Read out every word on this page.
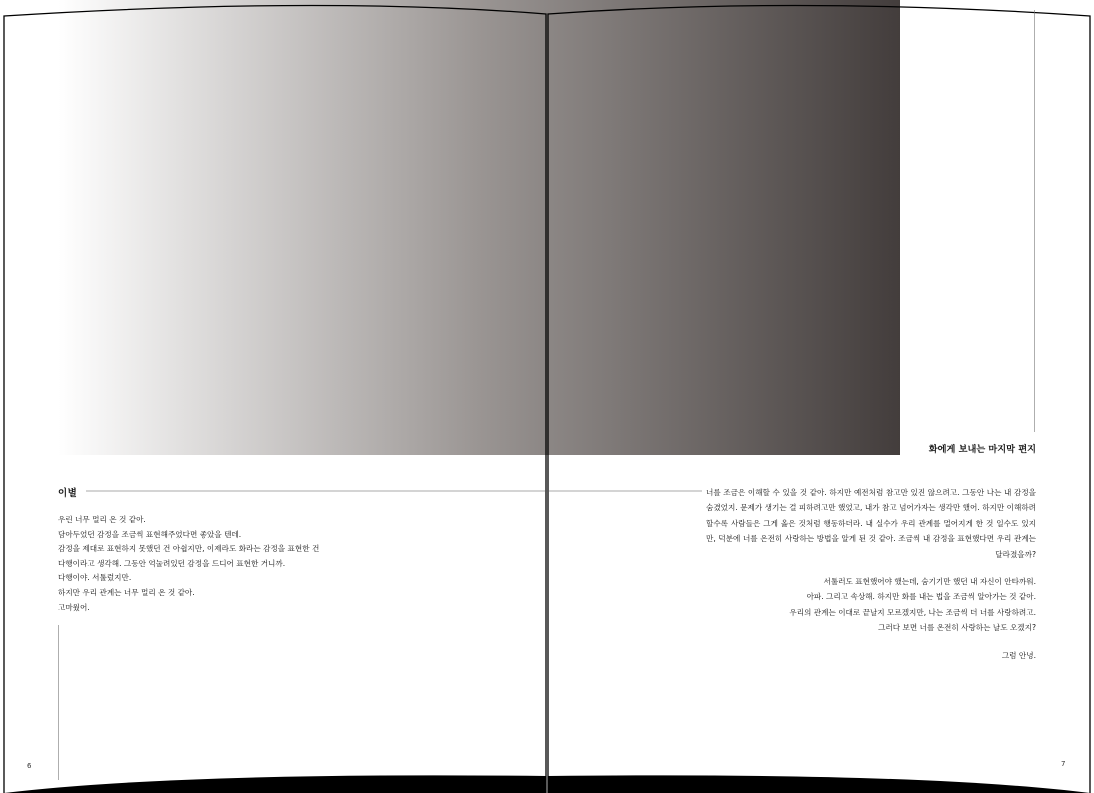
이별

우린 너무 멀리 온 것 같아.

담아두었던 감정을 조금씩 표현해주었다면 좋았을 텐데.

감정을 제대로 표현하지 못했던 건 아쉽지만, 이제라도 화라는 감정을 표현한 건

다행이라고 생각해. 그동안 억눌려있던 감정을 드디어 표현한 거니까.

다행이야. 서툴렀지만.

하지만 우리 관계는 너무 멀리 온 것 같아.

고마웠어.

6
화에게 보내는 마지막 편지

너를 조금은 이해할 수 있을 것 같아. 하지만 예전처럼 참고만 있진 않으려고. 그동안 나는 내 감정을 숨겼었지. 문제가 생기는 걸 피하려고만 했었고, 내가 참고 넘어가자는 생각만 했어. 하지만 이해하려 할수록 사람들은 그게 옳은 것처럼 행동하더라. 내 실수가 우리 관계를 멀어지게 한 것 일수도 있지만, 덕분에 너를 온전히 사랑하는 방법을 알게 된 것 같아. 조금씩 내 감정을 표현했다면 우리 관계는 달라졌을까?

서툴러도 표현했어야 했는데, 숨기기만 했던 내 자신이 안타까워.

아파. 그리고 속상해. 하지만 화를 내는 법을 조금씩 알아가는 것 같아.

우리의 관계는 이대로 끝날지 모르겠지만, 나는 조금씩 더 너를 사랑하려고.

그러다 보면 너를 온전히 사랑하는 날도 오겠지?

그럼 안녕.

7
